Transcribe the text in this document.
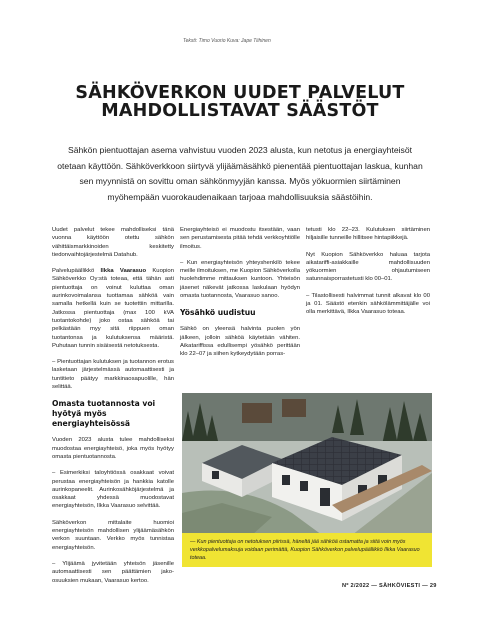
Teksti: Timo Vuorio Kuva: Jape Tiihinen
SÄHKÖVERKON UUDET PALVELUT
MAHDOLLISTAVAT SÄÄSTÖT
Sähkön pientuottajan asema vahvistuu vuoden 2023 alusta, kun netotus ja energiayhteisöt otetaan käyttöön. Sähköverkkoon siirtyvä ylijäämäsähkö pienentää pientuottajan laskua, kunhan sen myynnistä on sovittu oman sähkönmyyjän kanssa. Myös yökuormien siirtäminen myöhempään vuorokaudenaikaan tarjoaa mahdollisuuksia säästöihin.

Uudet palvelut tekee mahdolliseksi tänä vuonna käyttöön otettu sähkön vähittäismarkkinoiden keskitetty tiedonvaihtojärjestelmä Datahub.

Palvelupäällikkö Ilkka Vaarasuo Kuopion Sähköverkko Oy:stä toteaa, että tähän asti pientuottaja on voinut kuluttaa oman aurinkovoimalansa tuottamaa sähköä vain samalla hetkellä kuin se tuotettiin mittarilla. Jatkossa pientuottaja (max 100 kVA tuotantokohde) joko ostaa sähköä tai pelkästään myy sitä riippuen oman tuotantonsa ja kulutuksensa määristä. Puhutaan tunnin sisäisestä netotuksesta.

– Pientuottajan kulutuksen ja tuotannon erotus lasketaan järjestelmässä automaattisesti ja tuntitieto päätyy markkinaosapuolille, hän selittää.

Omasta tuotannosta voi hyötyä myös energiayhteisössä

Vuoden 2023 alusta tulee mahdolliseksi muodostaa energiayhteisö, joka myös hyötyy omasta pientuotannosta.

– Esimerkiksi taloyhtiössä osakkaat voivat perustaa energiayhteisön ja hankkia katolle aurinkopaneelit. Aurinkosähköjärjestelmä ja osakkaat yhdessä muodostavat energiayhteisön, Ilkka Vaarasuo selvittää.

Sähköverkon mittalaite huomioi energiayhteisön mahdollisen ylijäämäsähkön verkon suuntaan. Verkko myös tunnistaa energiayhteisön.

– Ylijäämä jyvitetään yhteisön jäsenille automaattisesti sen päättämien jako-osuuksien mukaan, Vaarasuo kertoo.

Energiayhteisö ei muodostu itsestään, vaan sen perustamisesta pitää tehdä verkkoyhtiölle ilmoitus.

– Kun energiayhteisön yhteyshenkilö tekee meille ilmoituksen, me Kuopion Sähköverkolla huolehdimme mittauksen kuntoon. Yhteisön jäsenet näkevät jatkossa laskulaan hyödyn omasta tuotannosta, Vaarasuo sanoo.

Yösähkö uudistuu

Sähkö on yleensä halvinta puolen yön jälkeen, jolloin sähköä käytetään vähiten. Aikatariffissa edullisempi yösähkö perittään klo 22–07 ja siihen kytkeydytään porras-

tetusti klo 22–23. Kulutuksen siirtäminen hiljaisille tunneille hillitsee hintapiikkejä.

Nyt Kuopion Sähköverkko haluaa tarjota aikatariffi-asiakkaille mahdollisuuden yökuormien ohjautumiseen satunnaisporrastetusti klo 00–01.

– Tilastollisesti halvimmat tunnit alkavat klo 00 ja 01. Säästö etenkin sähkölämmittäjälle voi olla merkittävä, Ilkka Vaarasuo toteaa.

— Kun pientuottaja on netotuksen piirissä, häneltä jää sähköä ostamatta ja siitä voin myös verkkopalvelumaksuja voidaan perimättä, Kuopion Sähköverkon palvelupäällikkö Ilkka Vaarasuo toteaa.
Nº 2/2022 — SÄHKÖVIESTI — 29
